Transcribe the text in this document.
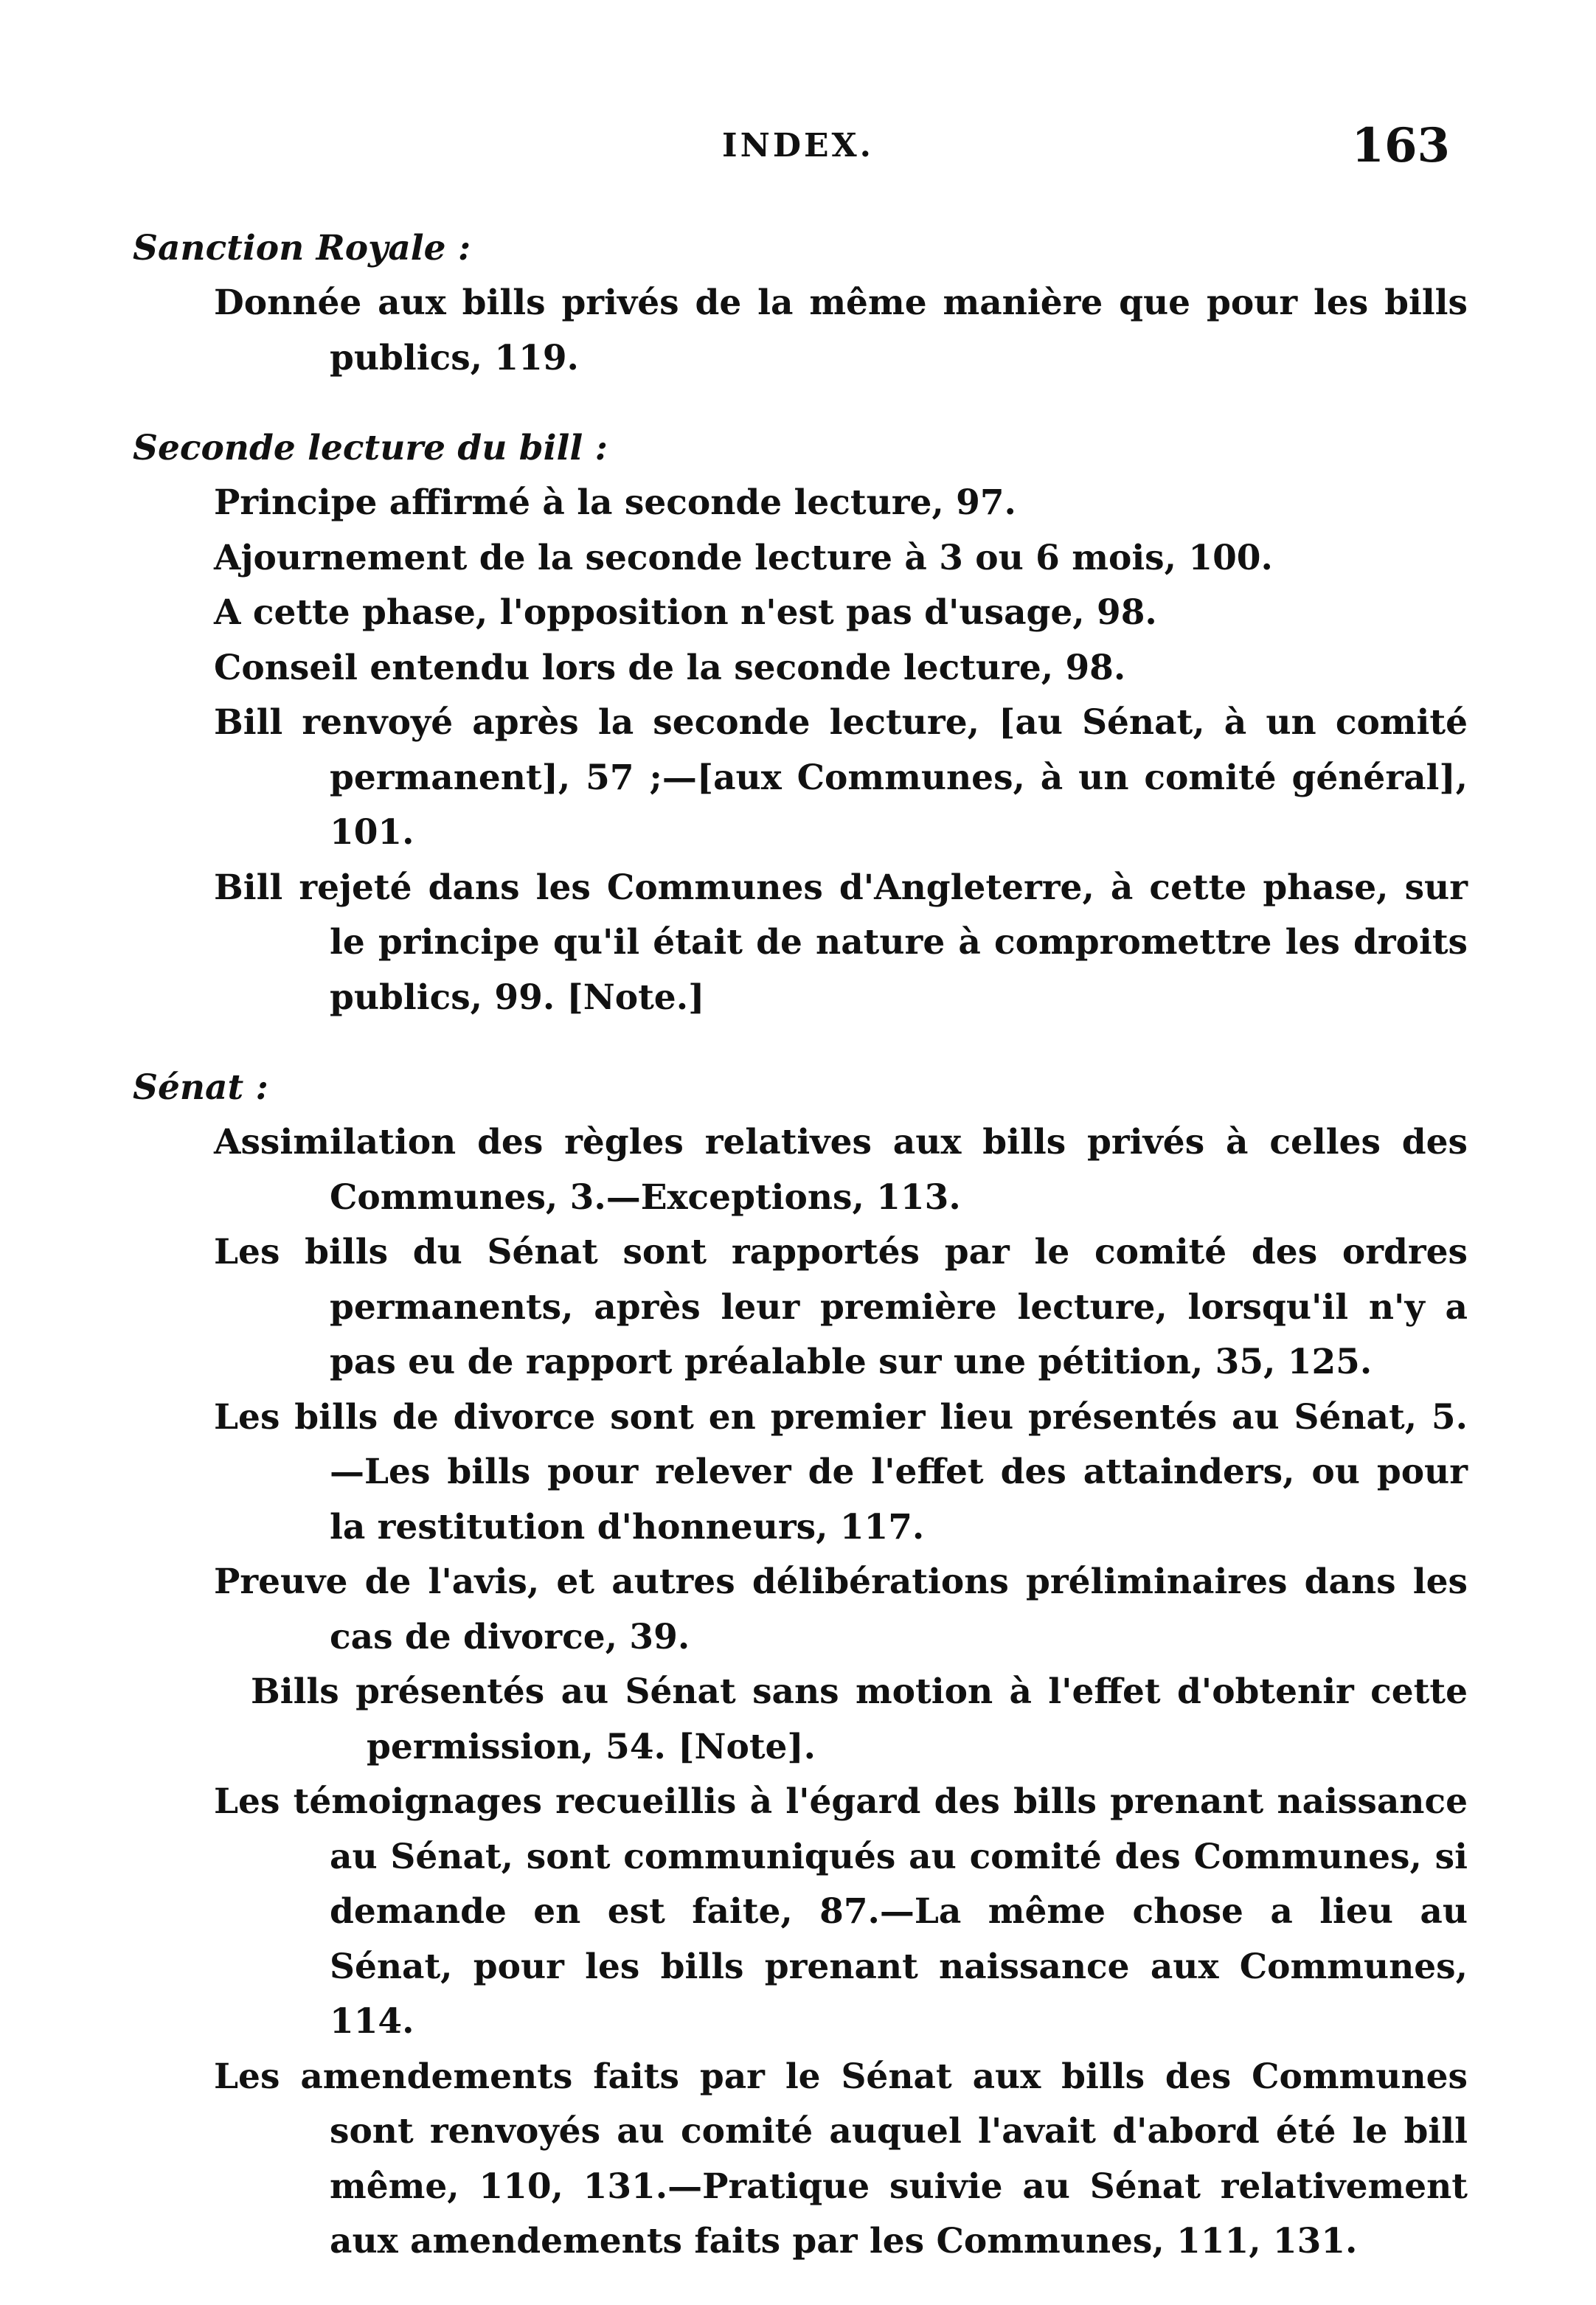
INDEX.	163

Sanction Royale :

Donnée aux bills privés de la même manière que pour les bills publics, 119.

Seconde lecture du bill :

Principe affirmé à la seconde lecture, 97.

Ajournement de la seconde lecture à 3 ou 6 mois, 100.

A cette phase, l'opposition n'est pas d'usage, 98.

Conseil entendu lors de la seconde lecture, 98.

Bill renvoyé après la seconde lecture, [au Sénat, à un comité permanent], 57 ;—[aux Communes, à un comité général], 101.

Bill rejeté dans les Communes d'Angleterre, à cette phase, sur le principe qu'il était de nature à compromettre les droits publics, 99. [Note.]

Sénat :

Assimilation des règles relatives aux bills privés à celles des Communes, 3.—Exceptions, 113.

Les bills du Sénat sont rapportés par le comité des ordres permanents, après leur première lecture, lorsqu'il n'y a pas eu de rapport préalable sur une pétition, 35, 125.

Les bills de divorce sont en premier lieu présentés au Sénat, 5.—Les bills pour relever de l'effet des attainders, ou pour la restitution d'honneurs, 117.

Preuve de l'avis, et autres délibérations préliminaires dans les cas de divorce, 39.

Bills présentés au Sénat sans motion à l'effet d'obtenir cette permission, 54. [Note].

Les témoignages recueillis à l'égard des bills prenant naissance au Sénat, sont communiqués au comité des Communes, si demande en est faite, 87.—La même chose a lieu au Sénat, pour les bills prenant naissance aux Communes, 114.

Les amendements faits par le Sénat aux bills des Communes sont renvoyés au comité auquel l'avait d'abord été le bill même, 110, 131.—Pratique suivie au Sénat relativement aux amendements faits par les Communes, 111, 131.
